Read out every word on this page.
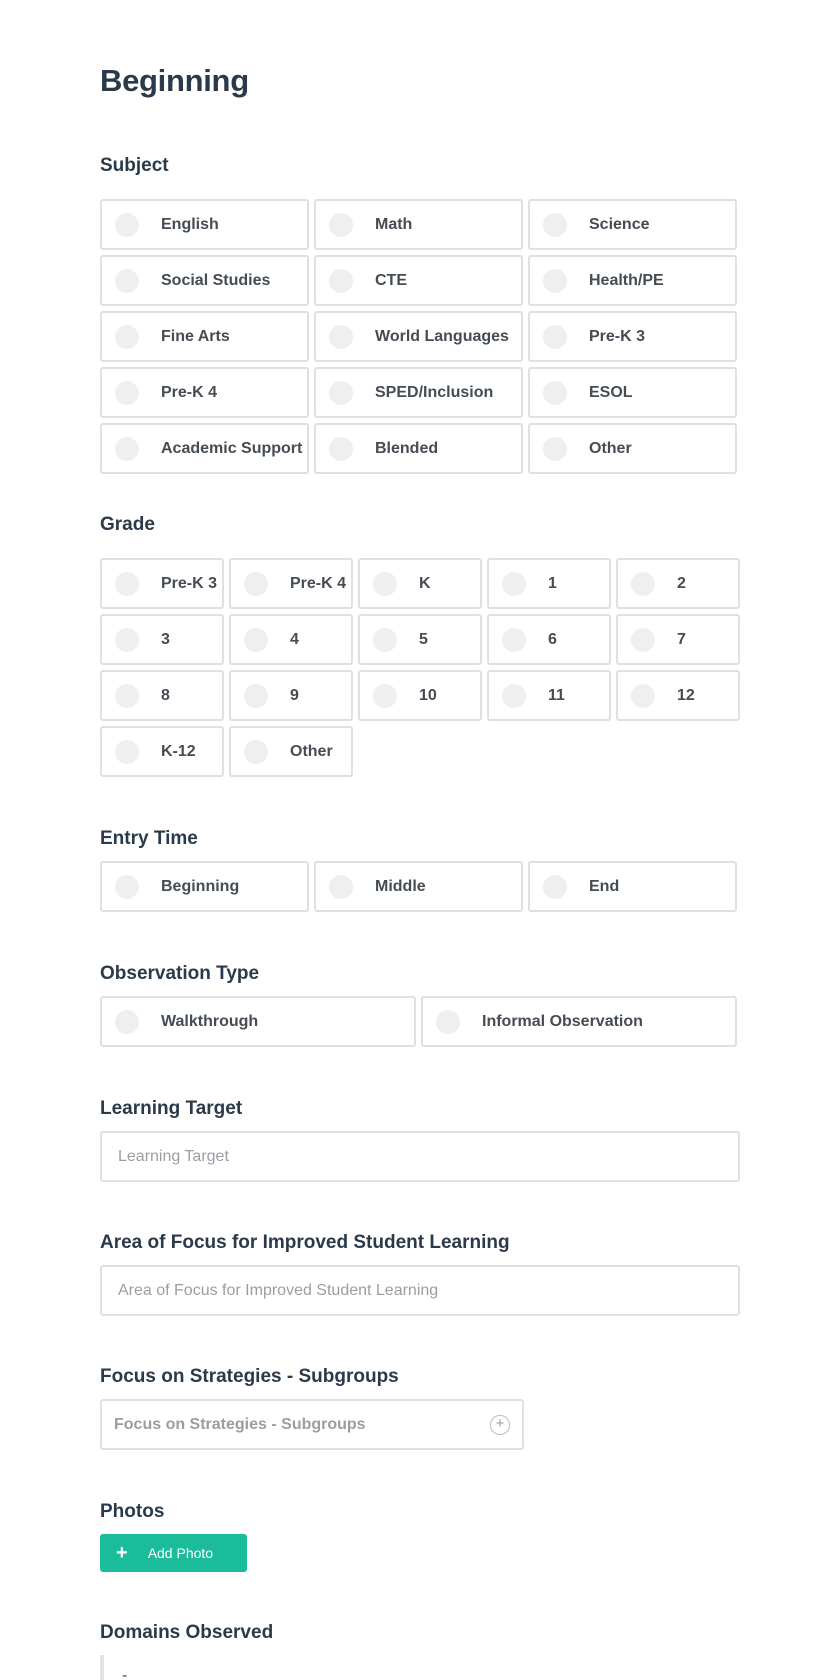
Beginning
Subject
English	Math	Science
Social Studies	CTE	Health/PE
Fine Arts	World Languages	Pre-K 3
Pre-K 4	SPED/Inclusion	ESOL
Academic Support	Blended	Other
Grade
Pre-K 3	Pre-K 4	K	1	2
3	4	5	6	7
8	9	10	11	12
K-12	Other
Entry Time
Beginning	Middle	End
Observation Type
Walkthrough	Informal Observation
Learning Target
Learning Target
Area of Focus for Improved Student Learning
Area of Focus for Improved Student Learning
Focus on Strategies - Subgroups
Focus on Strategies - Subgroups	+
Photos
+ Add Photo
Domains Observed
-
